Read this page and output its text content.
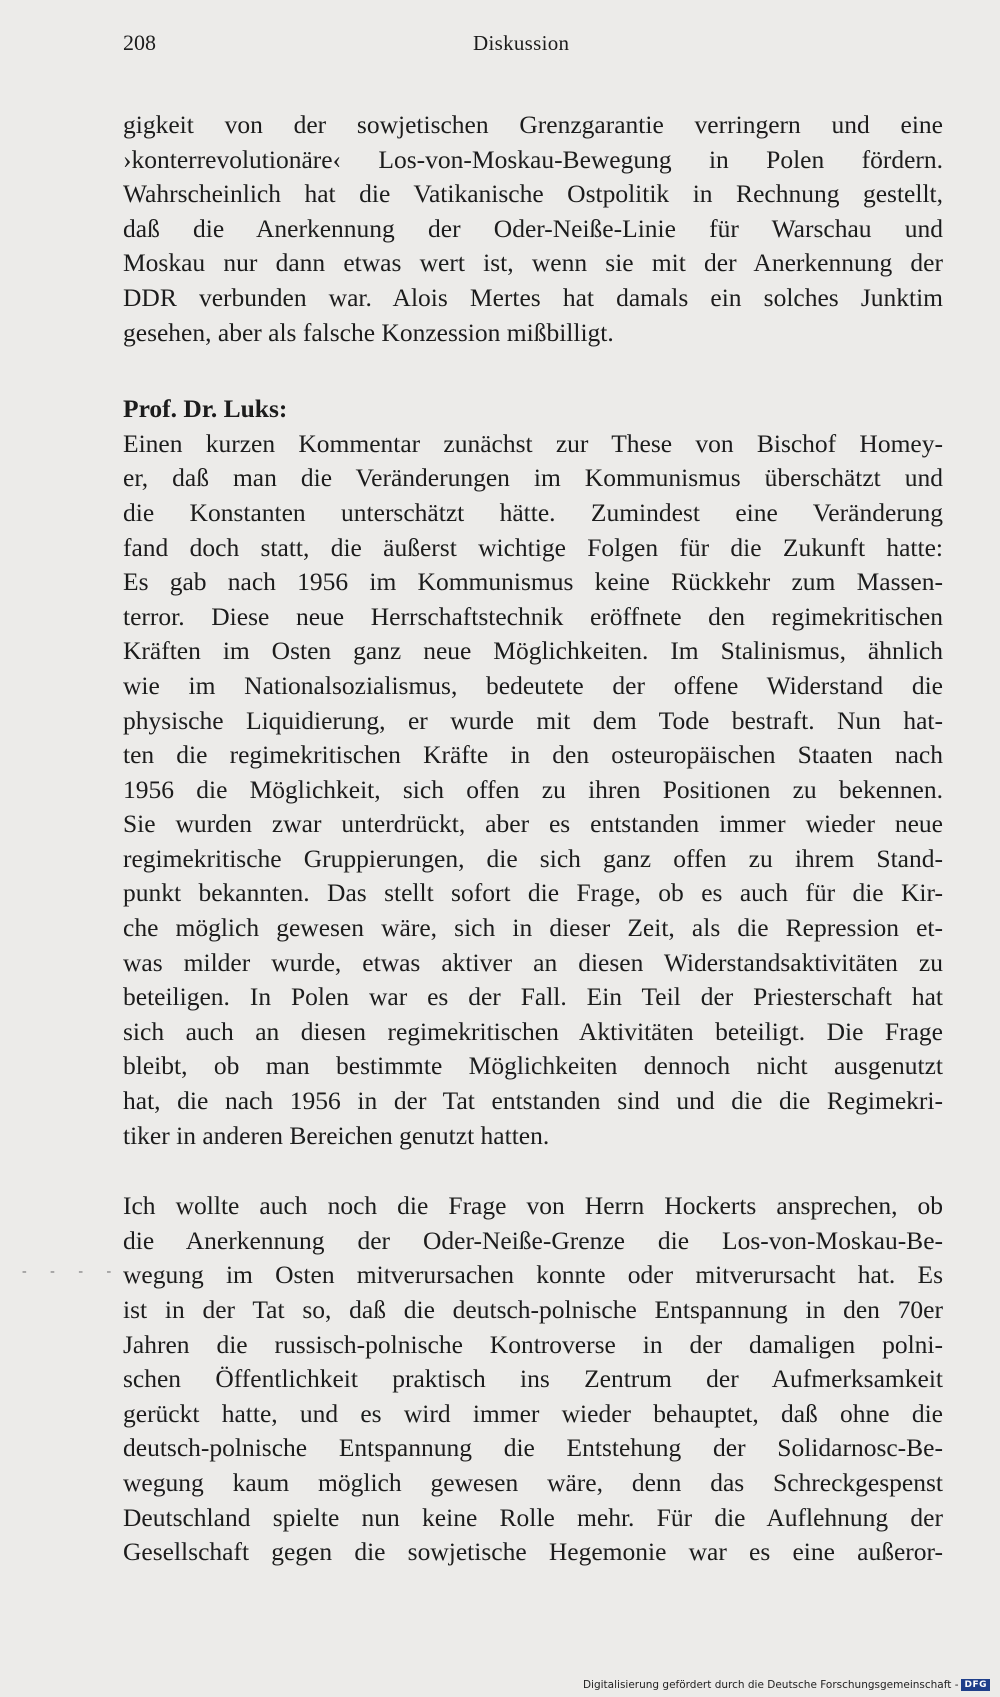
208	Diskussion
gigkeit von der sowjetischen Grenzgarantie verringern und eine
›konterrevolutionäre‹ Los-von-Moskau-Bewegung in Polen fördern.
Wahrscheinlich hat die Vatikanische Ostpolitik in Rechnung gestellt,
daß die Anerkennung der Oder-Neiße-Linie für Warschau und
Moskau nur dann etwas wert ist, wenn sie mit der Anerkennung der
DDR verbunden war. Alois Mertes hat damals ein solches Junktim
gesehen, aber als falsche Konzession mißbilligt.
Prof. Dr. Luks:
Einen kurzen Kommentar zunächst zur These von Bischof Homey-
er, daß man die Veränderungen im Kommunismus überschätzt und
die Konstanten unterschätzt hätte. Zumindest eine Veränderung
fand doch statt, die äußerst wichtige Folgen für die Zukunft hatte:
Es gab nach 1956 im Kommunismus keine Rückkehr zum Massen-
terror. Diese neue Herrschaftstechnik eröffnete den regimekritischen
Kräften im Osten ganz neue Möglichkeiten. Im Stalinismus, ähnlich
wie im Nationalsozialismus, bedeutete der offene Widerstand die
physische Liquidierung, er wurde mit dem Tode bestraft. Nun hat-
ten die regimekritischen Kräfte in den osteuropäischen Staaten nach
1956 die Möglichkeit, sich offen zu ihren Positionen zu bekennen.
Sie wurden zwar unterdrückt, aber es entstanden immer wieder neue
regimekritische Gruppierungen, die sich ganz offen zu ihrem Stand-
punkt bekannten. Das stellt sofort die Frage, ob es auch für die Kir-
che möglich gewesen wäre, sich in dieser Zeit, als die Repression et-
was milder wurde, etwas aktiver an diesen Widerstandsaktivitäten zu
beteiligen. In Polen war es der Fall. Ein Teil der Priesterschaft hat
sich auch an diesen regimekritischen Aktivitäten beteiligt. Die Frage
bleibt, ob man bestimmte Möglichkeiten dennoch nicht ausgenutzt
hat, die nach 1956 in der Tat entstanden sind und die die Regimekri-
tiker in anderen Bereichen genutzt hatten.
Ich wollte auch noch die Frage von Herrn Hockerts ansprechen, ob
die Anerkennung der Oder-Neiße-Grenze die Los-von-Moskau-Be-
wegung im Osten mitverursachen konnte oder mitverursacht hat. Es
ist in der Tat so, daß die deutsch-polnische Entspannung in den 70er
Jahren die russisch-polnische Kontroverse in der damaligen polni-
schen Öffentlichkeit praktisch ins Zentrum der Aufmerksamkeit
gerückt hatte, und es wird immer wieder behauptet, daß ohne die
deutsch-polnische Entspannung die Entstehung der Solidarnosc-Be-
wegung kaum möglich gewesen wäre, denn das Schreckgespenst
Deutschland spielte nun keine Rolle mehr. Für die Auflehnung der
Gesellschaft gegen die sowjetische Hegemonie war es eine außeror-
- - - -
Digitalisierung gefördert durch die Deutsche Forschungsgemeinschaft - DFG
